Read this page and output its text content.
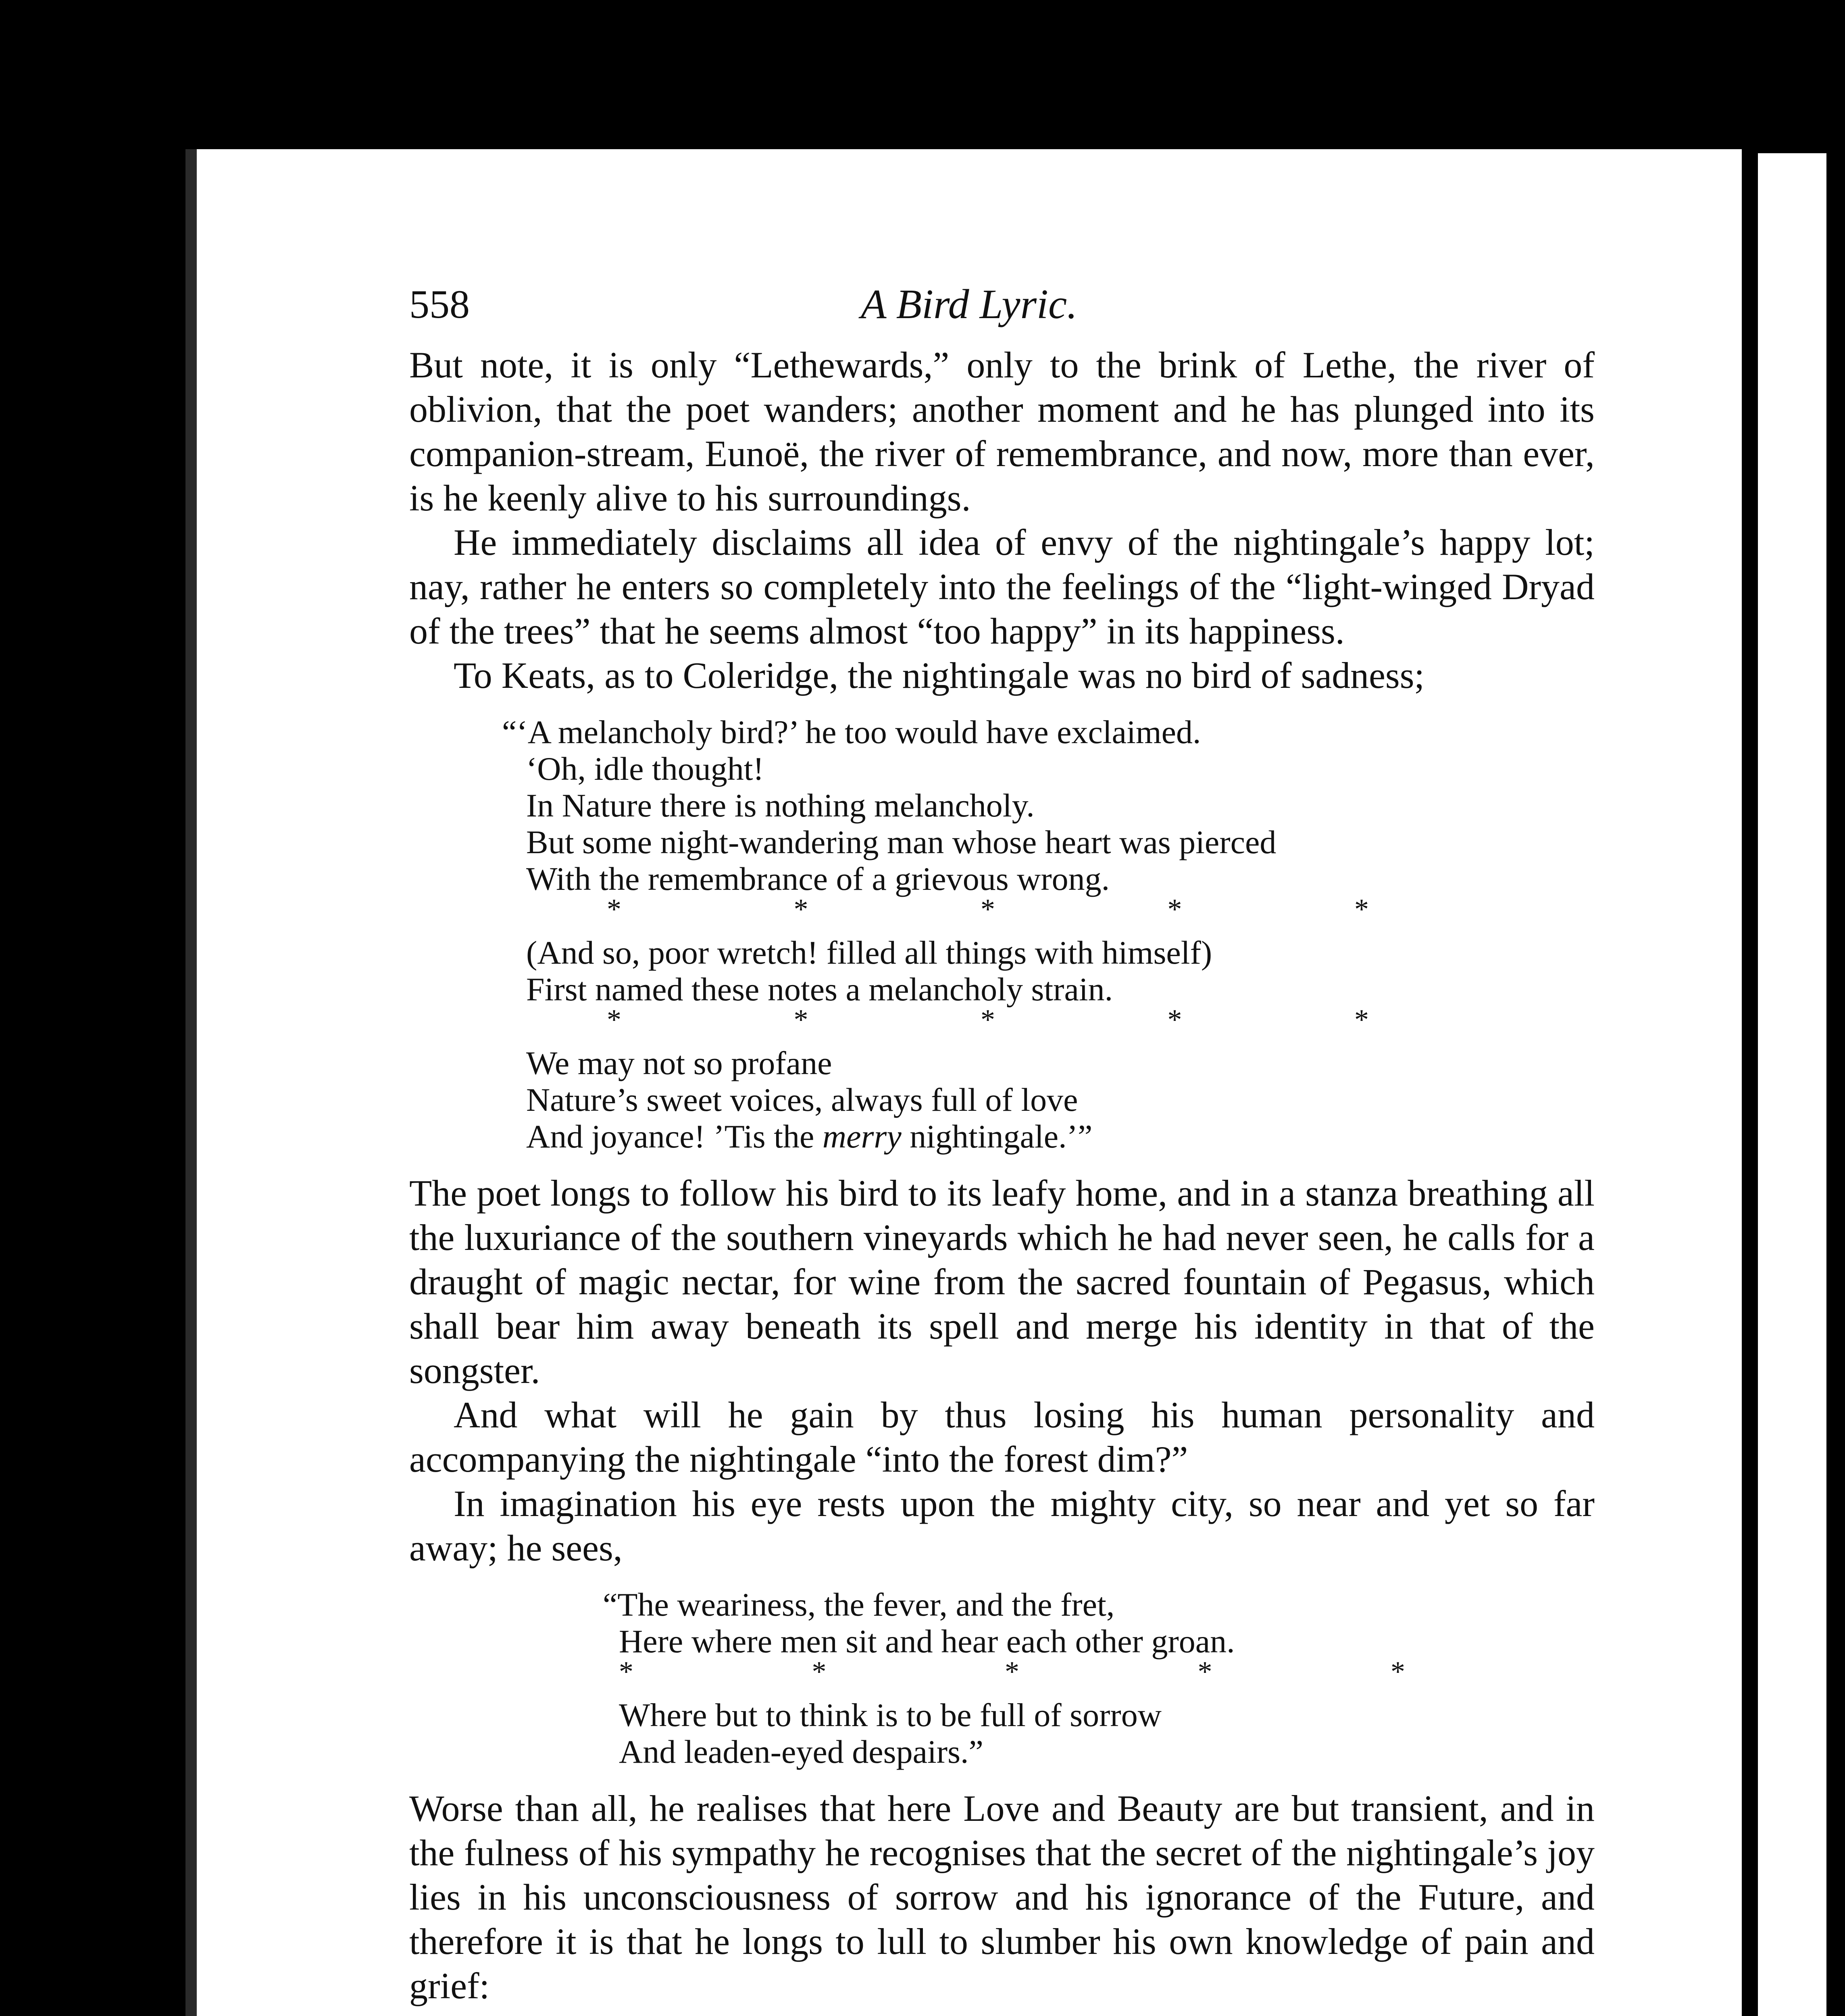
558	A Bird Lyric.

But note, it is only “Lethewards,” only to the brink of Lethe, the river of oblivion, that the poet wanders; another moment and he has plunged into its companion-stream, Eunoë, the river of remembrance, and now, more than ever, is he keenly alive to his surroundings.

He immediately disclaims all idea of envy of the nightingale’s happy lot; nay, rather he enters so completely into the feelings of the “light-winged Dryad of the trees” that he seems almost “too happy” in its happiness.

To Keats, as to Coleridge, the nightingale was no bird of sadness;

“‘A melancholy bird?’ he too would have exclaimed.
‘Oh, idle thought!
In Nature there is nothing melancholy.
But some night-wandering man whose heart was pierced
With the remembrance of a grievous wrong.
*	*	*	*	*
(And so, poor wretch! filled all things with himself)
First named these notes a melancholy strain.
*	*	*	*	*
We may not so profane
Nature’s sweet voices, always full of love
And joyance! ’Tis the merry nightingale.’”

The poet longs to follow his bird to its leafy home, and in a stanza breathing all the luxuriance of the southern vineyards which he had never seen, he calls for a draught of magic nectar, for wine from the sacred fountain of Pegasus, which shall bear him away beneath its spell and merge his identity in that of the songster.

And what will he gain by thus losing his human personality and accompanying the nightingale “into the forest dim?”

In imagination his eye rests upon the mighty city, so near and yet so far away; he sees,

“The weariness, the fever, and the fret,
Here where men sit and hear each other groan.
*	*	*	*	*
Where but to think is to be full of sorrow
And leaden-eyed despairs.”

Worse than all, he realises that here Love and Beauty are but transient, and in the fulness of his sympathy he recognises that the secret of the nightingale’s joy lies in his unconsciousness of sorrow and his ignorance of the Future, and therefore it is that he longs to lull to slumber his own knowledge of pain and grief:
